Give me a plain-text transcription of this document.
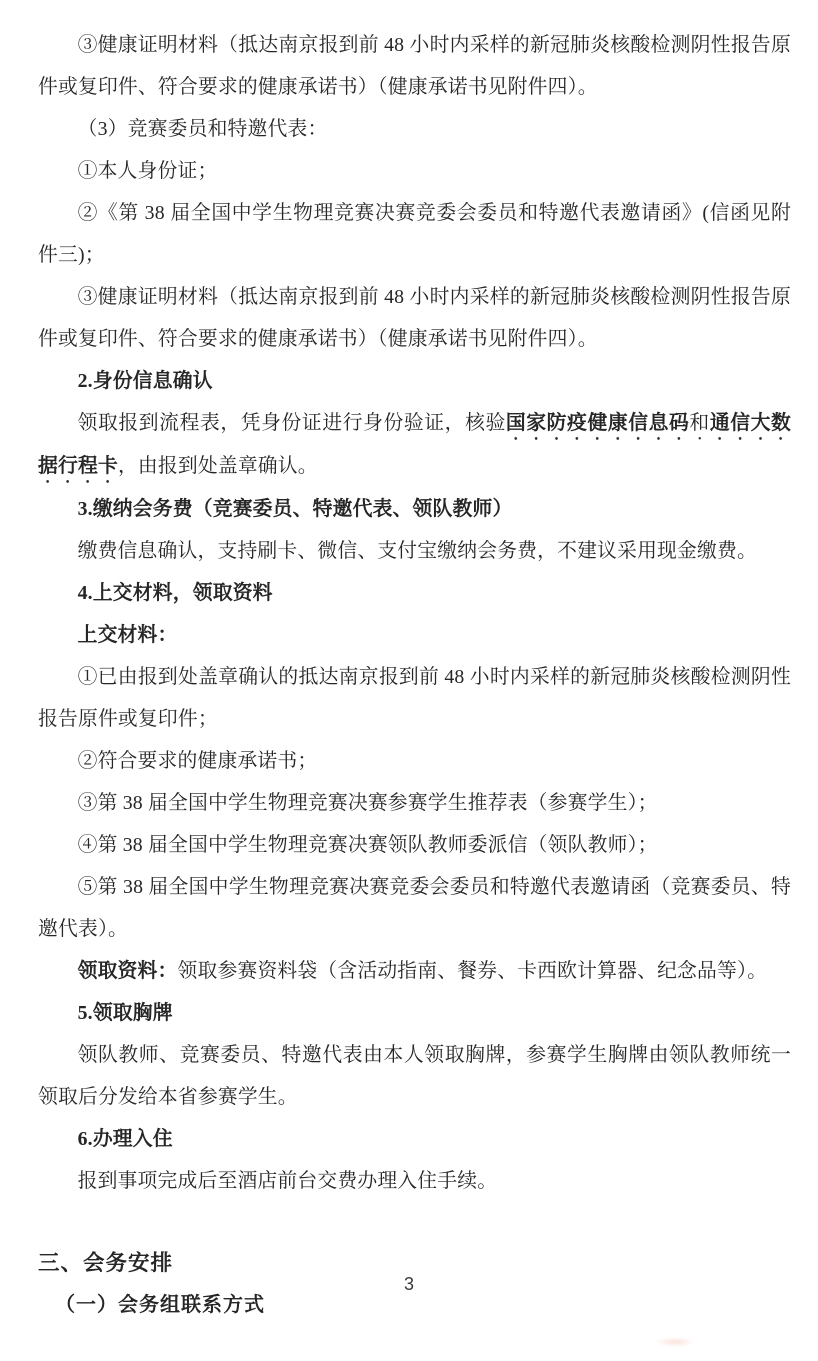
③健康证明材料（抵达南京报到前 48 小时内采样的新冠肺炎核酸检测阴性报告原件或复印件、符合要求的健康承诺书）（健康承诺书见附件四）。

（3）竞赛委员和特邀代表：

①本人身份证；

②《第 38 届全国中学生物理竞赛决赛竞委会委员和特邀代表邀请函》(信函见附件三)；

③健康证明材料（抵达南京报到前 48 小时内采样的新冠肺炎核酸检测阴性报告原件或复印件、符合要求的健康承诺书）（健康承诺书见附件四）。

2.身份信息确认

领取报到流程表，凭身份证进行身份验证，核验国家防疫健康信息码和通信大数据行程卡，由报到处盖章确认。

3.缴纳会务费（竞赛委员、特邀代表、领队教师）

缴费信息确认，支持刷卡、微信、支付宝缴纳会务费，不建议采用现金缴费。

4.上交材料，领取资料

上交材料：

①已由报到处盖章确认的抵达南京报到前 48 小时内采样的新冠肺炎核酸检测阴性报告原件或复印件；

②符合要求的健康承诺书；

③第 38 届全国中学生物理竞赛决赛参赛学生推荐表（参赛学生）；

④第 38 届全国中学生物理竞赛决赛领队教师委派信（领队教师）；

⑤第 38 届全国中学生物理竞赛决赛竞委会委员和特邀代表邀请函（竞赛委员、特邀代表）。

领取资料：领取参赛资料袋（含活动指南、餐券、卡西欧计算器、纪念品等）。

5.领取胸牌

领队教师、竞赛委员、特邀代表由本人领取胸牌，参赛学生胸牌由领队教师统一领取后分发给本省参赛学生。

6.办理入住

报到事项完成后至酒店前台交费办理入住手续。

三、会务安排

（一）会务组联系方式

3
